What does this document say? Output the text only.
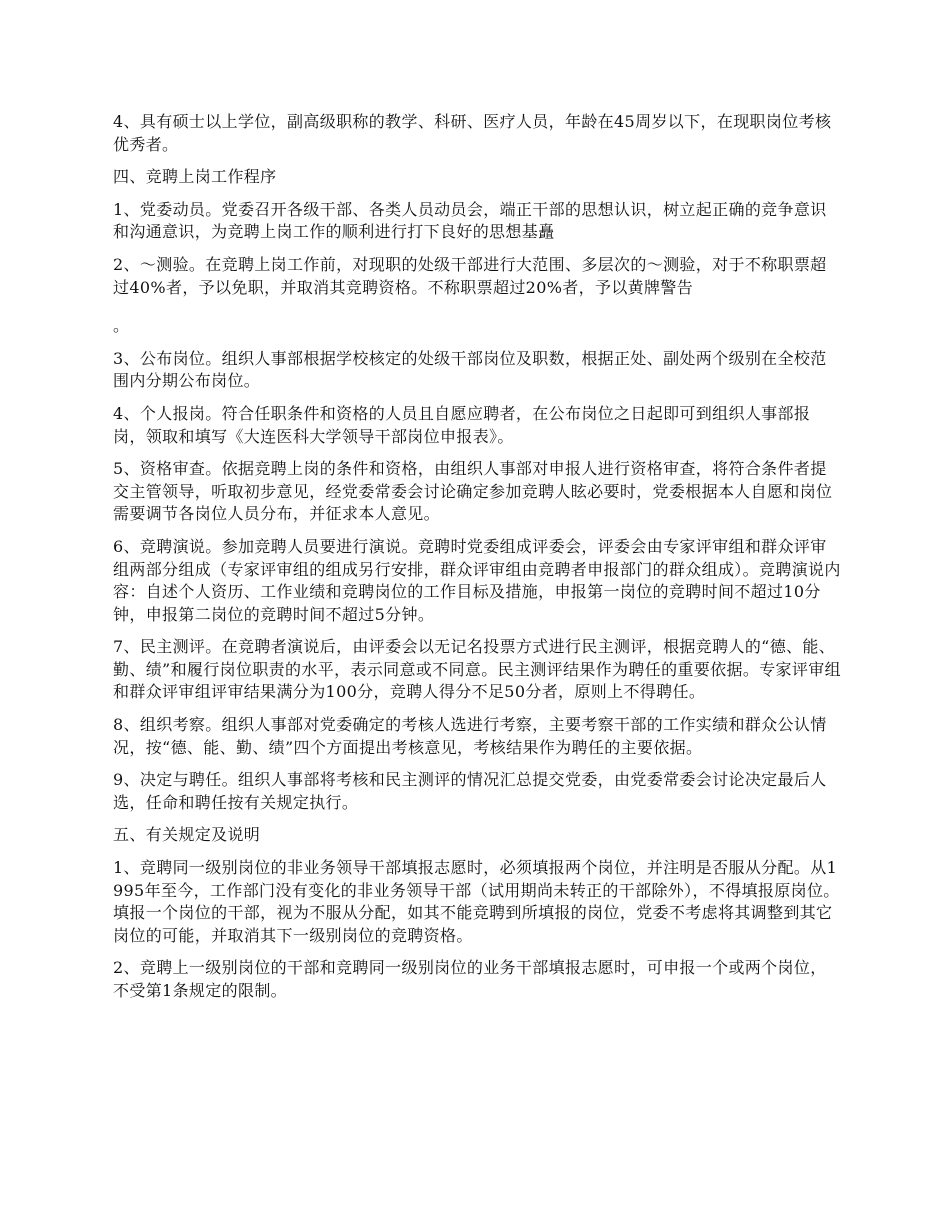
4、具有硕士以上学位，副高级职称的教学、科研、医疗人员，年龄在45周岁以下，在现职岗位考核优秀者。

四、竞聘上岗工作程序

1、党委动员。党委召开各级干部、各类人员动员会，端正干部的思想认识，树立起正确的竞争意识和沟通意识，为竞聘上岗工作的顺利进行打下良好的思想基矗

2、～测验。在竞聘上岗工作前，对现职的处级干部进行大范围、多层次的～测验，对于不称职票超过40%者，予以免职，并取消其竞聘资格。不称职票超过20%者，予以黄牌警告

。

3、公布岗位。组织人事部根据学校核定的处级干部岗位及职数，根据正处、副处两个级别在全校范围内分期公布岗位。

4、个人报岗。符合任职条件和资格的人员且自愿应聘者，在公布岗位之日起即可到组织人事部报岗，领取和填写《大连医科大学领导干部岗位申报表》。

5、资格审查。依据竞聘上岗的条件和资格，由组织人事部对申报人进行资格审查，将符合条件者提交主管领导，听取初步意见，经党委常委会讨论确定参加竞聘人眩必要时，党委根据本人自愿和岗位需要调节各岗位人员分布，并征求本人意见。

6、竞聘演说。参加竞聘人员要进行演说。竞聘时党委组成评委会，评委会由专家评审组和群众评审组两部分组成（专家评审组的组成另行安排，群众评审组由竞聘者申报部门的群众组成）。竞聘演说内容：自述个人资历、工作业绩和竞聘岗位的工作目标及措施，申报第一岗位的竞聘时间不超过10分钟，申报第二岗位的竞聘时间不超过5分钟。

7、民主测评。在竞聘者演说后，由评委会以无记名投票方式进行民主测评，根据竞聘人的“德、能、勤、绩”和履行岗位职责的水平，表示同意或不同意。民主测评结果作为聘任的重要依据。专家评审组和群众评审组评审结果满分为100分，竞聘人得分不足50分者，原则上不得聘任。

8、组织考察。组织人事部对党委确定的考核人选进行考察，主要考察干部的工作实绩和群众公认情况，按“德、能、勤、绩”四个方面提出考核意见，考核结果作为聘任的主要依据。

9、决定与聘任。组织人事部将考核和民主测评的情况汇总提交党委，由党委常委会讨论决定最后人选，任命和聘任按有关规定执行。

五、有关规定及说明

1、竞聘同一级别岗位的非业务领导干部填报志愿时，必须填报两个岗位，并注明是否服从分配。从1995年至今，工作部门没有变化的非业务领导干部（试用期尚未转正的干部除外），不得填报原岗位。填报一个岗位的干部，视为不服从分配，如其不能竞聘到所填报的岗位，党委不考虑将其调整到其它岗位的可能，并取消其下一级别岗位的竞聘资格。

2、竞聘上一级别岗位的干部和竞聘同一级别岗位的业务干部填报志愿时，可申报一个或两个岗位，不受第1条规定的限制。
